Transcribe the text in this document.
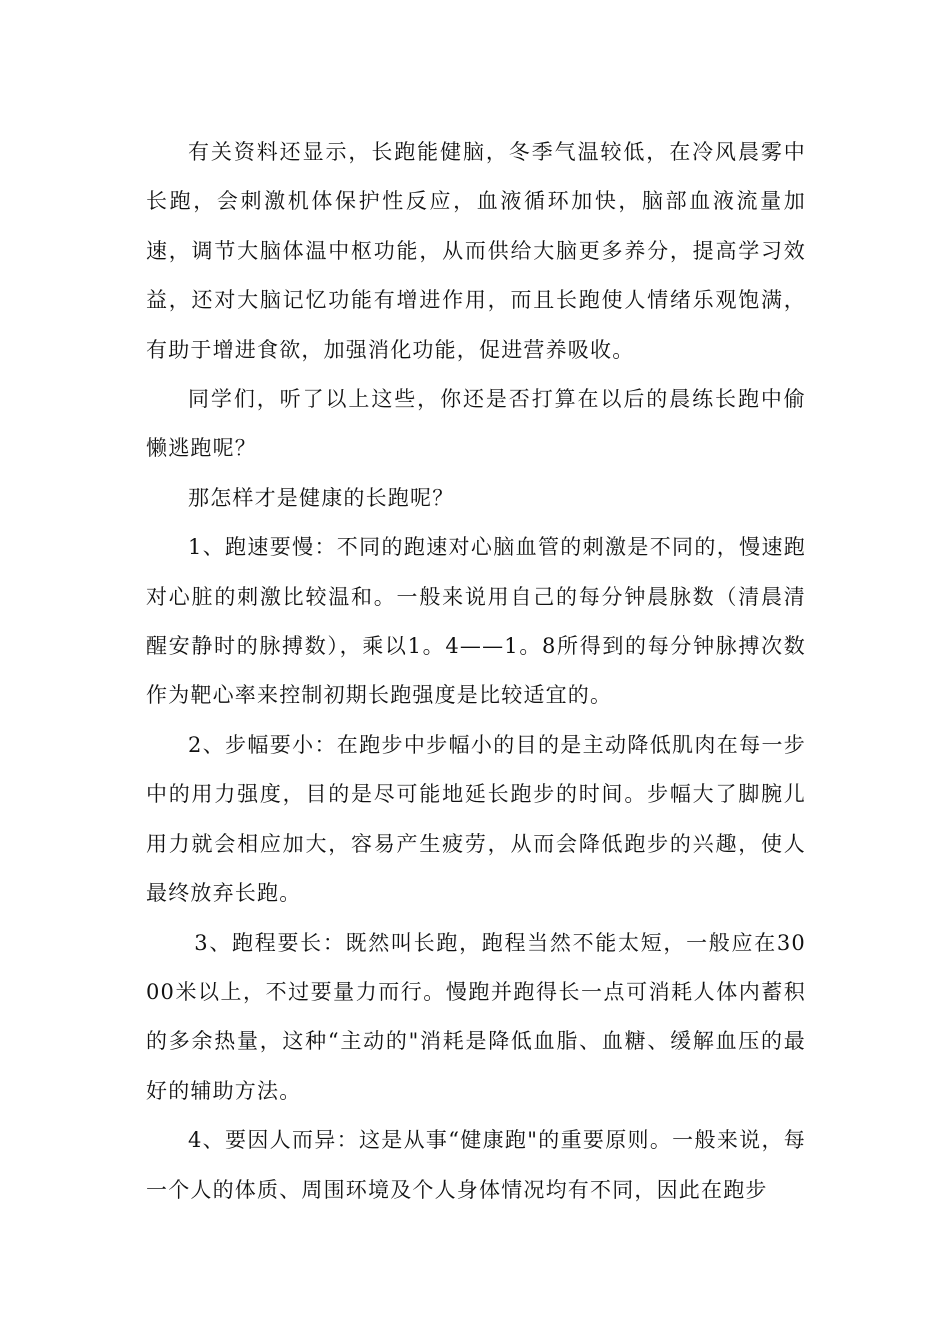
有关资料还显示，长跑能健脑，冬季气温较低，在冷风晨雾中长跑，会刺激机体保护性反应，血液循环加快，脑部血液流量加速，调节大脑体温中枢功能，从而供给大脑更多养分，提高学习效益，还对大脑记忆功能有增进作用，而且长跑使人情绪乐观饱满，有助于增进食欲，加强消化功能，促进营养吸收。

同学们，听了以上这些，你还是否打算在以后的晨练长跑中偷懒逃跑呢？

那怎样才是健康的长跑呢？

1、跑速要慢：不同的跑速对心脑血管的刺激是不同的，慢速跑对心脏的刺激比较温和。一般来说用自己的每分钟晨脉数（清晨清醒安静时的脉搏数），乘以1。4——1。8所得到的每分钟脉搏次数作为靶心率来控制初期长跑强度是比较适宜的。

2、步幅要小：在跑步中步幅小的目的是主动降低肌肉在每一步中的用力强度，目的是尽可能地延长跑步的时间。步幅大了脚腕儿用力就会相应加大，容易产生疲劳，从而会降低跑步的兴趣，使人最终放弃长跑。

3、跑程要长：既然叫长跑，跑程当然不能太短，一般应在3000米以上，不过要量力而行。慢跑并跑得长一点可消耗人体内蓄积的多余热量，这种“主动的"消耗是降低血脂、血糖、缓解血压的最好的辅助方法。

4、要因人而异：这是从事“健康跑"的重要原则。一般来说，每一个人的体质、周围环境及个人身体情况均有不同，因此在跑步
